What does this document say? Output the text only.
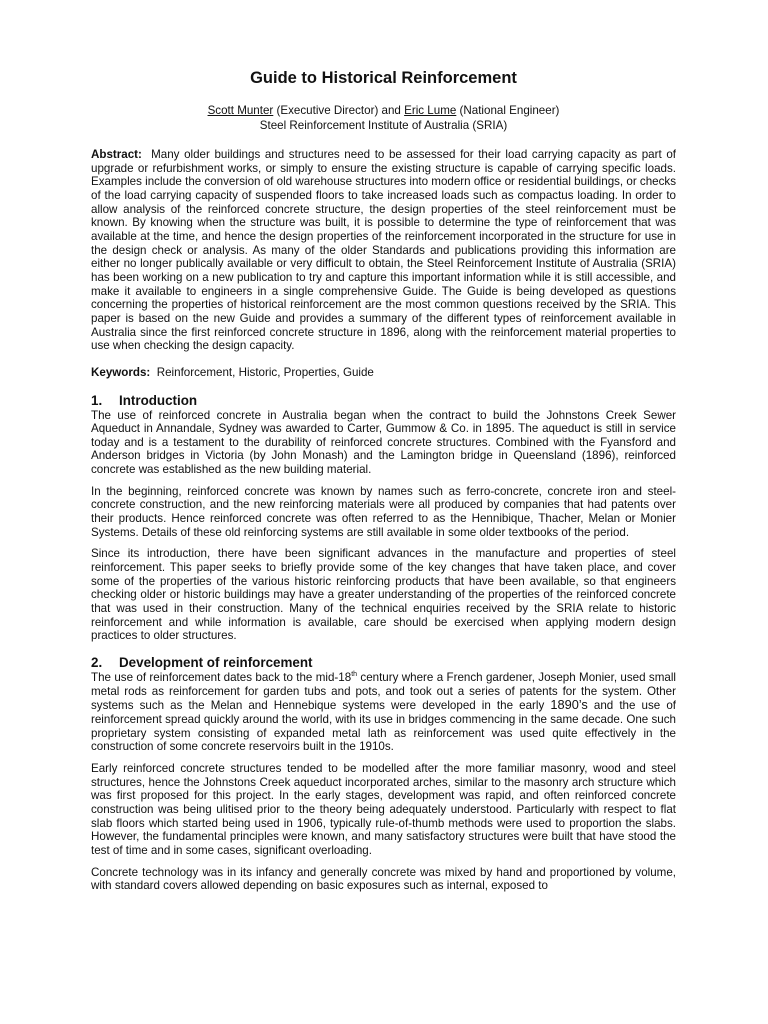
Guide to Historical Reinforcement
Scott Munter (Executive Director) and Eric Lume (National Engineer)
Steel Reinforcement Institute of Australia (SRIA)

Abstract: Many older buildings and structures need to be assessed for their load carrying capacity as part of upgrade or refurbishment works, or simply to ensure the existing structure is capable of carrying specific loads. Examples include the conversion of old warehouse structures into modern office or residential buildings, or checks of the load carrying capacity of suspended floors to take increased loads such as compactus loading. In order to allow analysis of the reinforced concrete structure, the design properties of the steel reinforcement must be known. By knowing when the structure was built, it is possible to determine the type of reinforcement that was available at the time, and hence the design properties of the reinforcement incorporated in the structure for use in the design check or analysis. As many of the older Standards and publications providing this information are either no longer publically available or very difficult to obtain, the Steel Reinforcement Institute of Australia (SRIA) has been working on a new publication to try and capture this important information while it is still accessible, and make it available to engineers in a single comprehensive Guide. The Guide is being developed as questions concerning the properties of historical reinforcement are the most common questions received by the SRIA. This paper is based on the new Guide and provides a summary of the different types of reinforcement available in Australia since the first reinforced concrete structure in 1896, along with the reinforcement material properties to use when checking the design capacity.

Keywords: Reinforcement, Historic, Properties, Guide

1. Introduction

The use of reinforced concrete in Australia began when the contract to build the Johnstons Creek Sewer Aqueduct in Annandale, Sydney was awarded to Carter, Gummow & Co. in 1895. The aqueduct is still in service today and is a testament to the durability of reinforced concrete structures. Combined with the Fyansford and Anderson bridges in Victoria (by John Monash) and the Lamington bridge in Queensland (1896), reinforced concrete was established as the new building material.

In the beginning, reinforced concrete was known by names such as ferro-concrete, concrete iron and steel-concrete construction, and the new reinforcing materials were all produced by companies that had patents over their products. Hence reinforced concrete was often referred to as the Hennibique, Thacher, Melan or Monier Systems. Details of these old reinforcing systems are still available in some older textbooks of the period.

Since its introduction, there have been significant advances in the manufacture and properties of steel reinforcement. This paper seeks to briefly provide some of the key changes that have taken place, and cover some of the properties of the various historic reinforcing products that have been available, so that engineers checking older or historic buildings may have a greater understanding of the properties of the reinforced concrete that was used in their construction. Many of the technical enquiries received by the SRIA relate to historic reinforcement and while information is available, care should be exercised when applying modern design practices to older structures.

2. Development of reinforcement

The use of reinforcement dates back to the mid-18th century where a French gardener, Joseph Monier, used small metal rods as reinforcement for garden tubs and pots, and took out a series of patents for the system. Other systems such as the Melan and Hennebique systems were developed in the early 1890’s and the use of reinforcement spread quickly around the world, with its use in bridges commencing in the same decade. One such proprietary system consisting of expanded metal lath as reinforcement was used quite effectively in the construction of some concrete reservoirs built in the 1910s.

Early reinforced concrete structures tended to be modelled after the more familiar masonry, wood and steel structures, hence the Johnstons Creek aqueduct incorporated arches, similar to the masonry arch structure which was first proposed for this project. In the early stages, development was rapid, and often reinforced concrete construction was being ulitised prior to the theory being adequately understood. Particularly with respect to flat slab floors which started being used in 1906, typically rule-of-thumb methods were used to proportion the slabs. However, the fundamental principles were known, and many satisfactory structures were built that have stood the test of time and in some cases, significant overloading.

Concrete technology was in its infancy and generally concrete was mixed by hand and proportioned by volume, with standard covers allowed depending on basic exposures such as internal, exposed to
